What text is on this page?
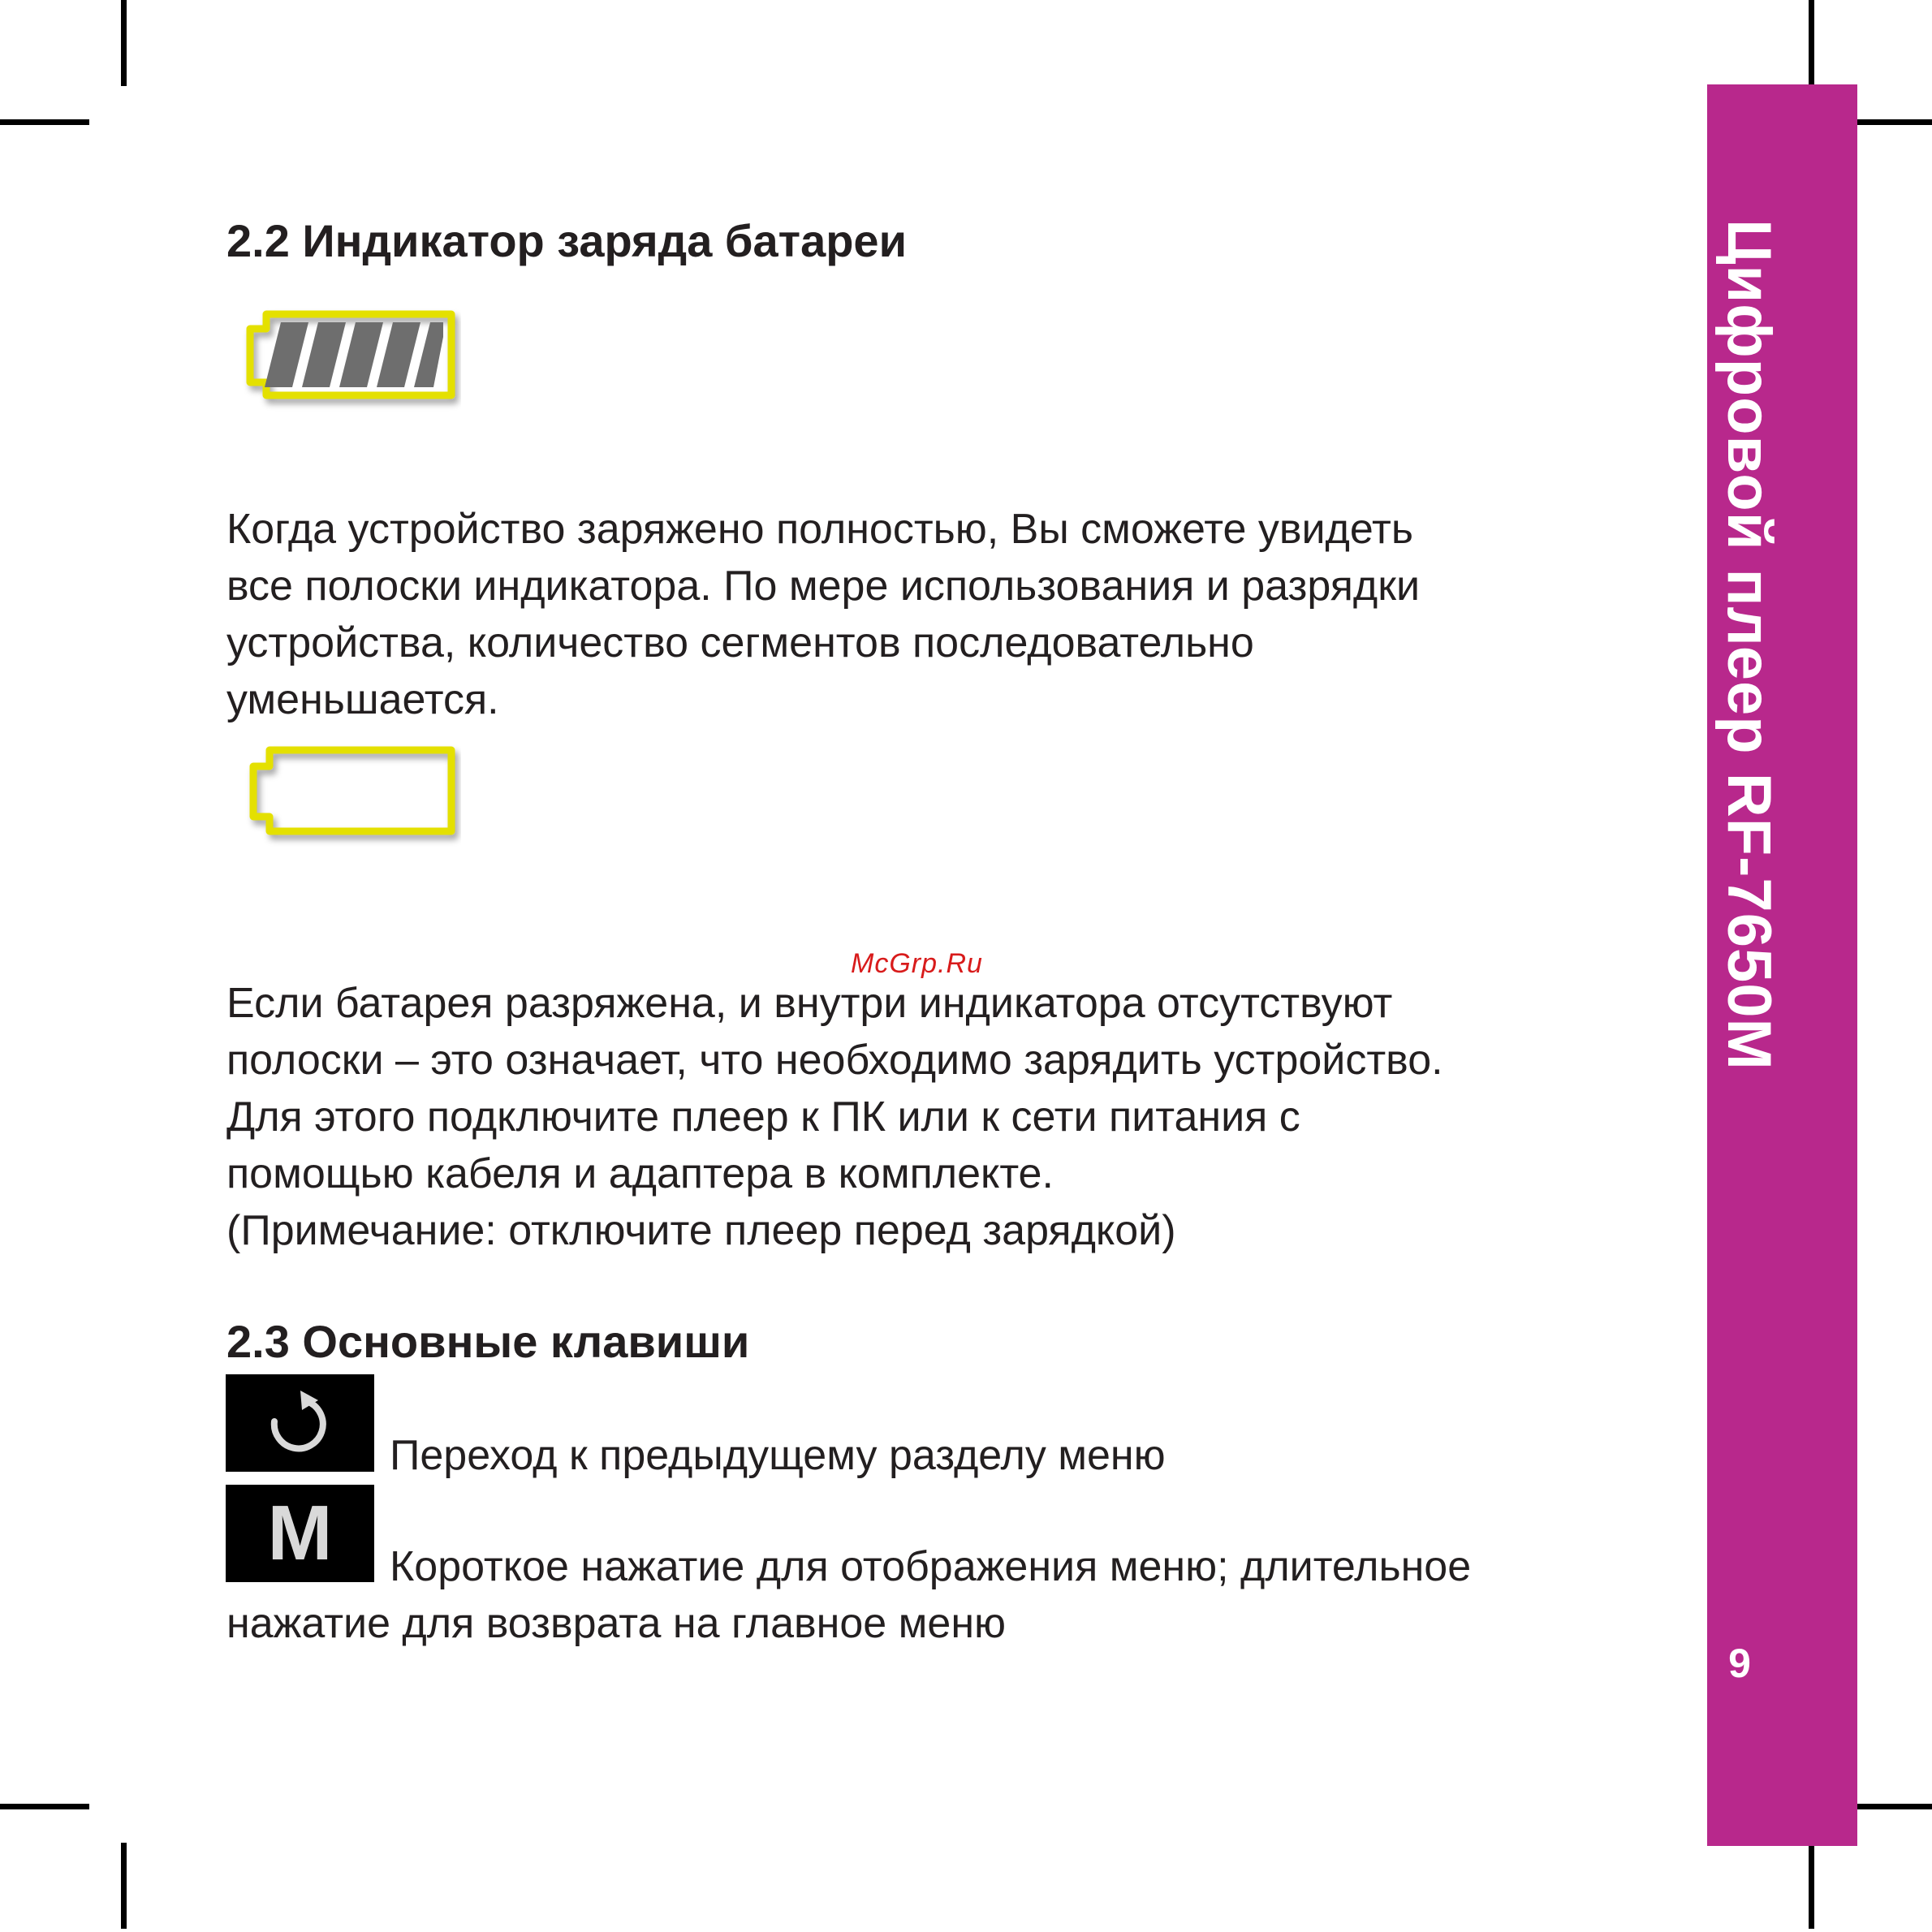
Цифровой плеер RF-7650M
9
2.2 Индикатор заряда батареи
Когда устройство заряжено полностью, Вы сможете увидеть
все полоски индикатора. По мере использования и разрядки
устройства, количество сегментов последовательно
уменьшается.
McGrp.Ru
Если батарея разряжена, и внутри индикатора отсутствуют
полоски – это означает, что необходимо зарядить устройство.
Для этого подключите плеер к ПК или к сети питания с
помощью кабеля и адаптера в комплекте.
(Примечание: отключите плеер перед зарядкой)
2.3 Основные клавиши
Переход к предыдущему разделу меню
M Короткое нажатие для отображения меню; длительное
нажатие для возврата на главное меню
